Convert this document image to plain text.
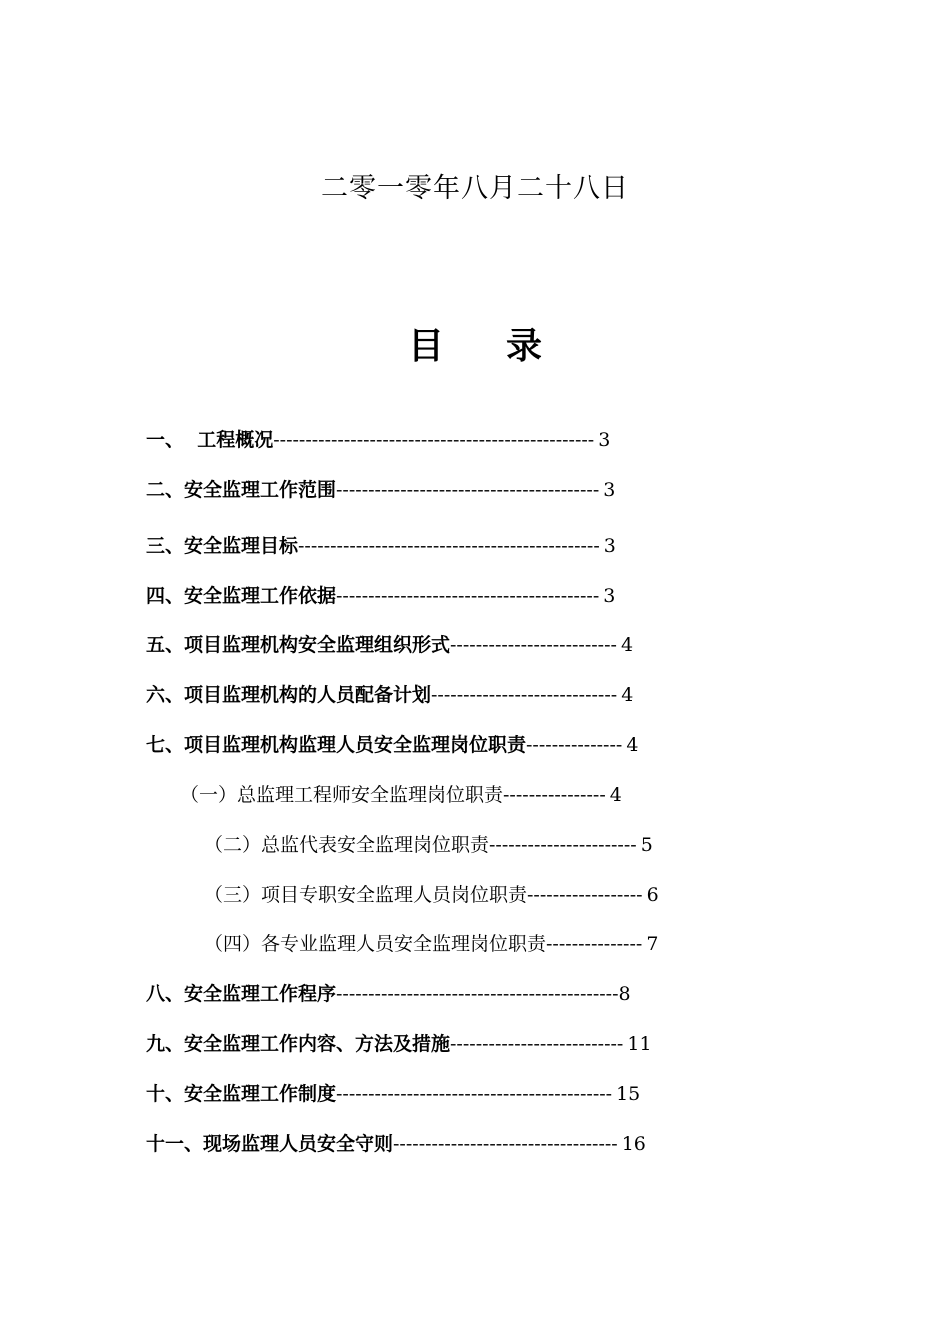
二零一零年八月二十八日
目 录
一、  工程概况-------------------------------------------------- 3
二、安全监理工作范围----------------------------------------- 3
三、安全监理目标----------------------------------------------- 3
四、安全监理工作依据----------------------------------------- 3
五、项目监理机构安全监理组织形式-------------------------- 4
六、项目监理机构的人员配备计划----------------------------- 4
七、项目监理机构监理人员安全监理岗位职责--------------- 4
（一）总监理工程师安全监理岗位职责---------------- 4
（二）总监代表安全监理岗位职责----------------------- 5
（三）项目专职安全监理人员岗位职责------------------ 6
（四）各专业监理人员安全监理岗位职责--------------- 7
八、安全监理工作程序--------------------------------------------8
九、安全监理工作内容、方法及措施--------------------------- 11
十、安全监理工作制度------------------------------------------- 15
十一、现场监理人员安全守则----------------------------------- 16
